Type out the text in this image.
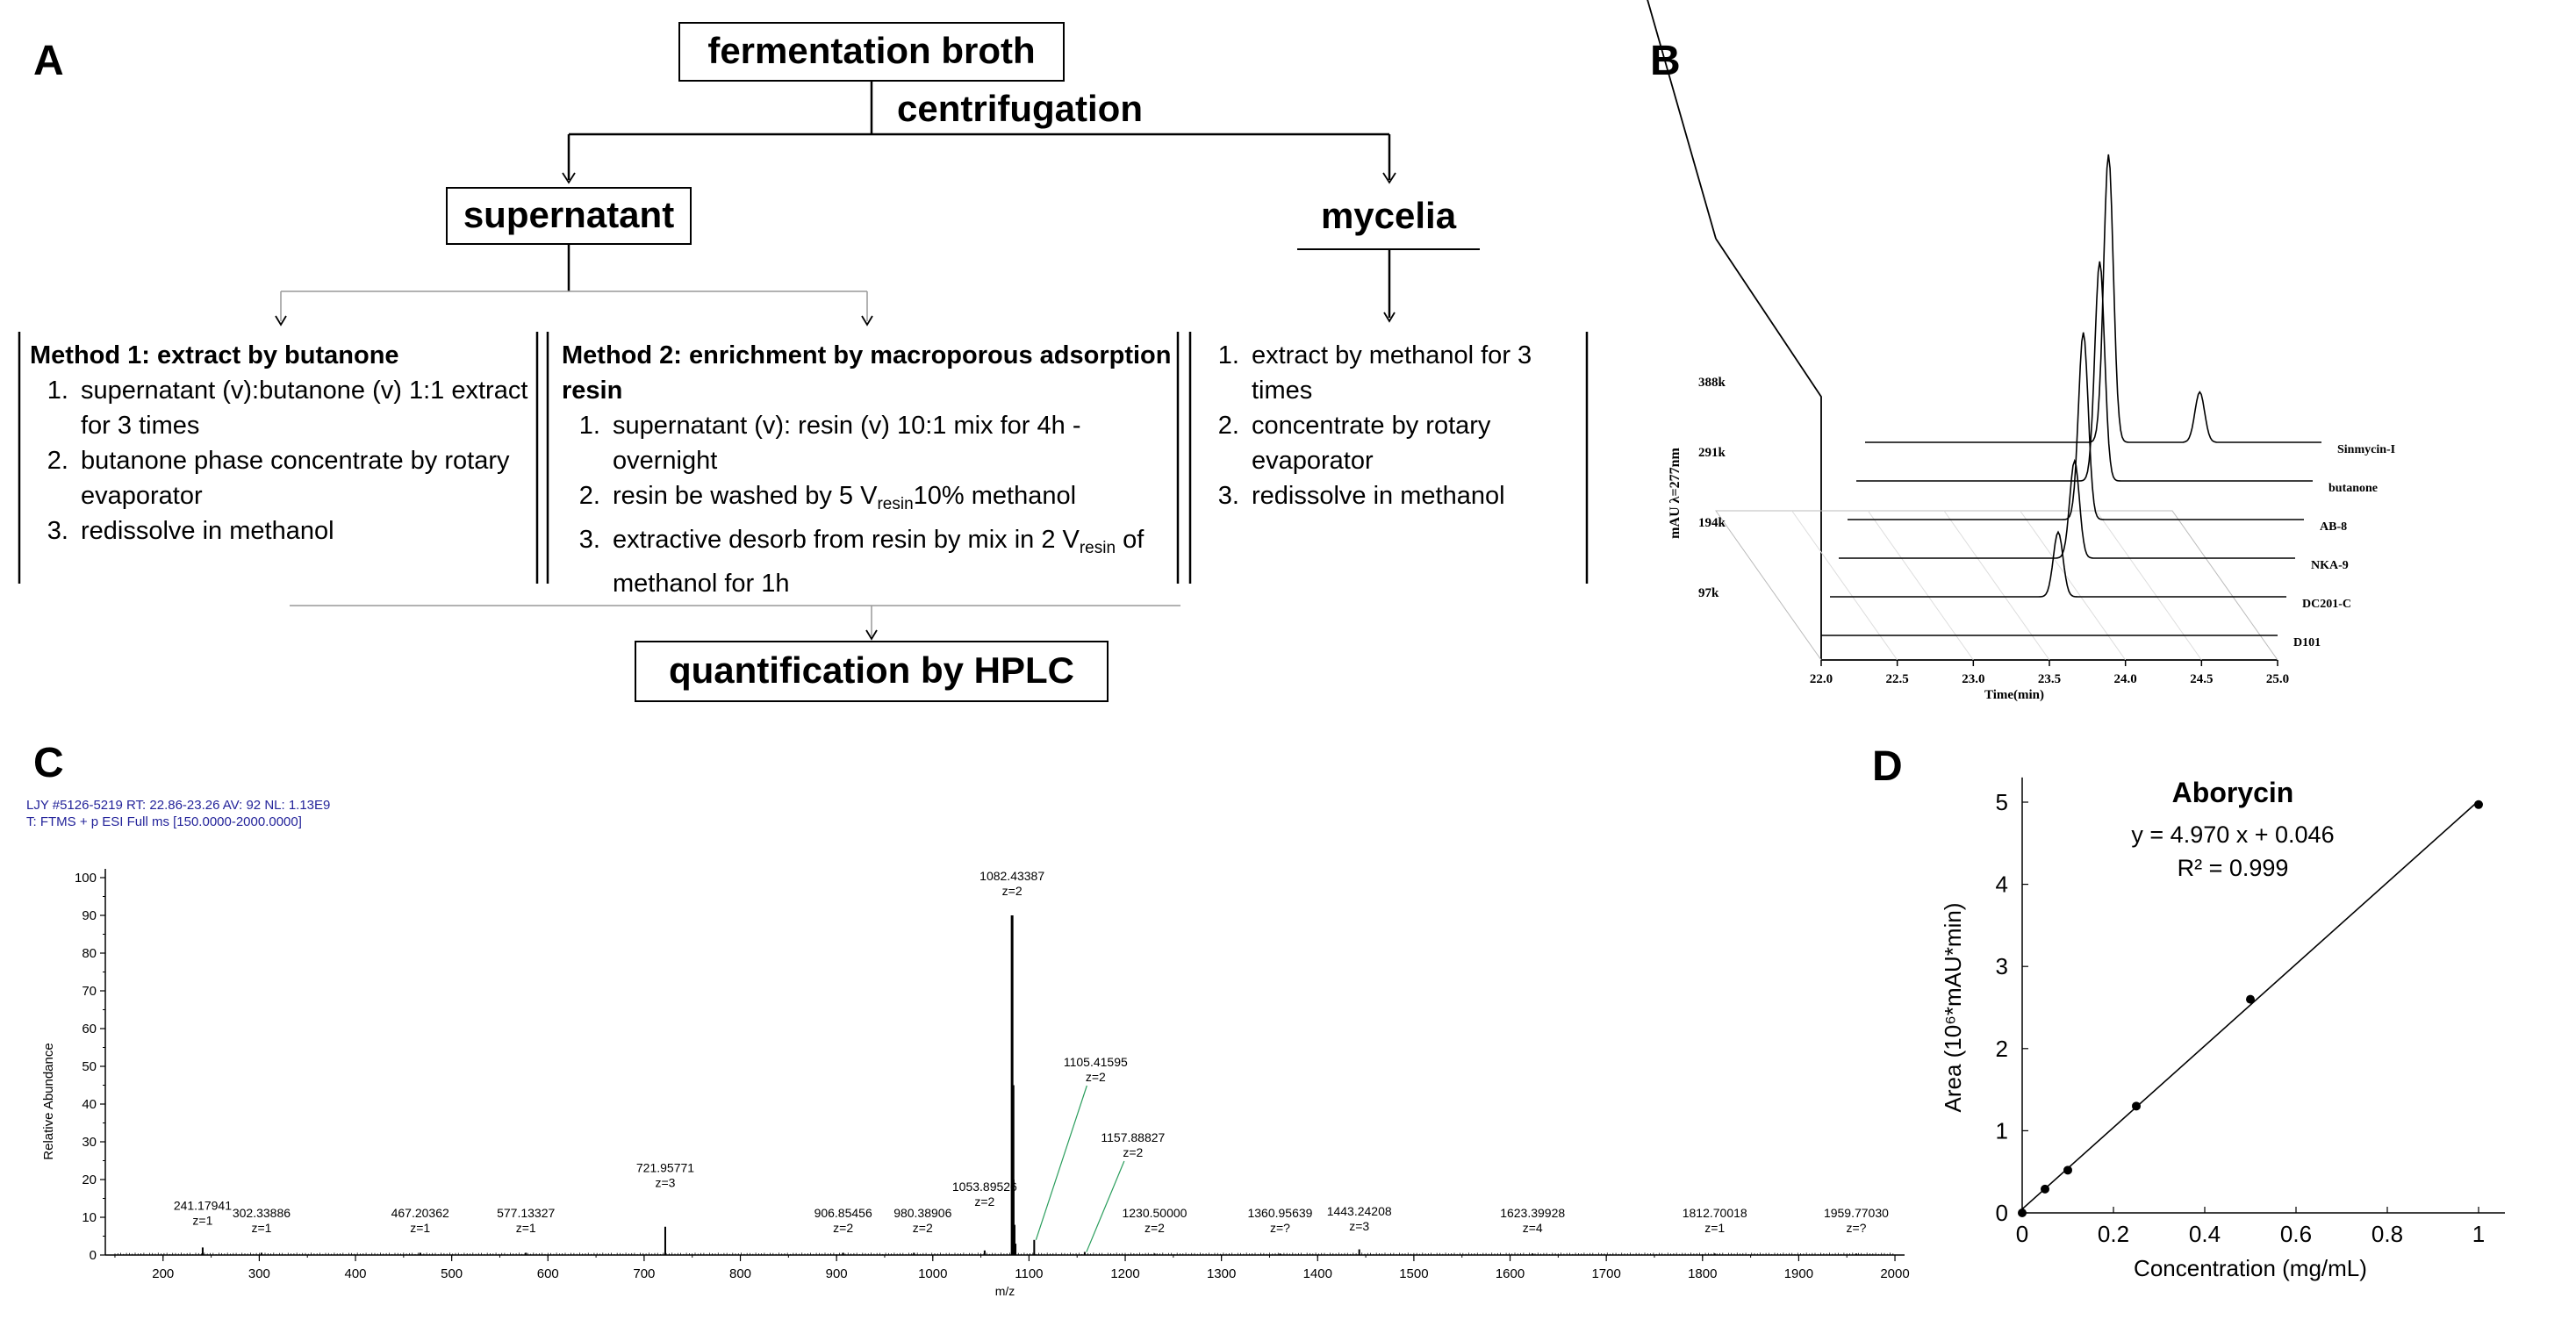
A	B
C	D
fermentation broth
centrifugation
supernatant	mycelia
quantification by HPLC
Method 1: extract by butanone
1. supernatant (v):butanone (v) 1:1 extract for 3 times
2. butanone phase concentrate by rotary evaporator
3. redissolve in methanol
Method 2: enrichment by macroporous adsorption resin
1. supernatant (v): resin (v) 10:1 mix for 4h - overnight
2. resin be washed by 5 $V_{resin}10\%$ methanol
3. extractive desorb from resin by mix in 2 $V_{resin}$ of methanol for 1h
1. extract by methanol for 3 times
2. concentrate by rotary evaporator
3. redissolve in methanol
22.0	22.5	23.0	23.5	24.0	24.5	25.0
Time(min)
97k
194k
291k
388k
mAU λ=277nm
D101
DC201-C
NKA-9
AB-8
butanone
Sinmycin-I
LJY #5126-5219 RT: 22.86-23.26 AV: 92 NL: 1.13E9
T: FTMS + p ESI Full ms [150.0000-2000.0000]
0
10
20
30
40
50
60
70
80
90
100
200	300	400	500	600	700	800	900	1000	1100	1200	1300	1400	1500	1600	1700	1800	1900	2000
m/z
Relative Abundance
241.17941
z=1
302.33886
z=1
467.20362
z=1
577.13327
z=1
721.95771
z=3
906.85456
z=2
980.38906
z=2
1053.89526
z=2
1082.43387
z=2
1105.41595
z=2
1157.88827
z=2
1230.50000
z=2
1360.95639
z=?
1443.24208
z=3
1623.39928
z=4
1812.70018
z=1
1959.77030
z=?	0	0.2	0.4	0.6	0.8	1
0
1
2
3
4
5
Concentration (mg/mL)
Area (10⁶*mAU*min)
Aborycin
y = 4.970 x + 0.046
R² = 0.999
